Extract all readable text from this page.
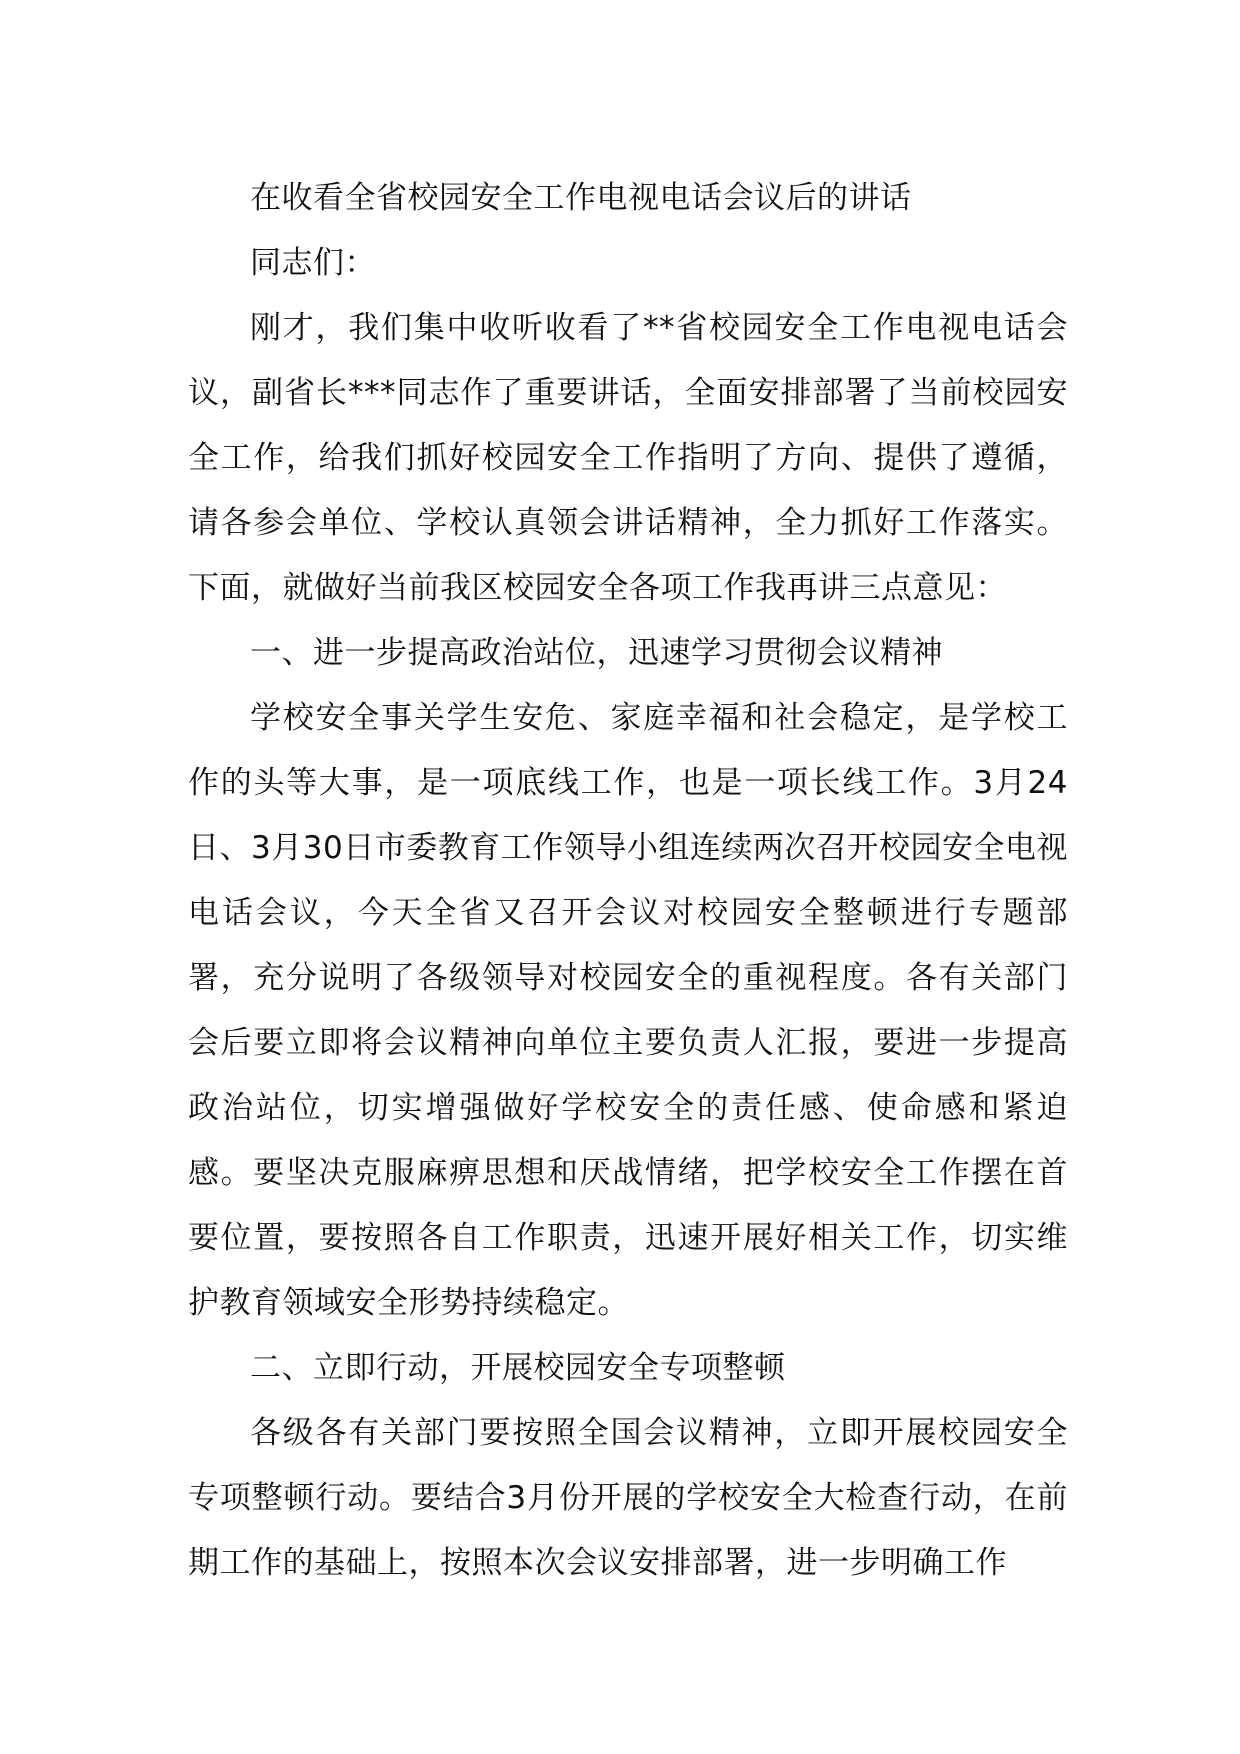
在收看全省校园安全工作电视电话会议后的讲话

同志们：

刚才，我们集中收听收看了**省校园安全工作电视电话会议，副省长***同志作了重要讲话，全面安排部署了当前校园安全工作，给我们抓好校园安全工作指明了方向、提供了遵循，请各参会单位、学校认真领会讲话精神，全力抓好工作落实。下面，就做好当前我区校园安全各项工作我再讲三点意见：

一、进一步提高政治站位，迅速学习贯彻会议精神

学校安全事关学生安危、家庭幸福和社会稳定，是学校工作的头等大事，是一项底线工作，也是一项长线工作。3月24日、3月30日市委教育工作领导小组连续两次召开校园安全电视电话会议，今天全省又召开会议对校园安全整顿进行专题部署，充分说明了各级领导对校园安全的重视程度。各有关部门会后要立即将会议精神向单位主要负责人汇报，要进一步提高政治站位，切实增强做好学校安全的责任感、使命感和紧迫感。要坚决克服麻痹思想和厌战情绪，把学校安全工作摆在首要位置，要按照各自工作职责，迅速开展好相关工作，切实维护教育领域安全形势持续稳定。

二、立即行动，开展校园安全专项整顿

各级各有关部门要按照全国会议精神，立即开展校园安全专项整顿行动。要结合3月份开展的学校安全大检查行动，在前期工作的基础上，按照本次会议安排部署，进一步明确工作
